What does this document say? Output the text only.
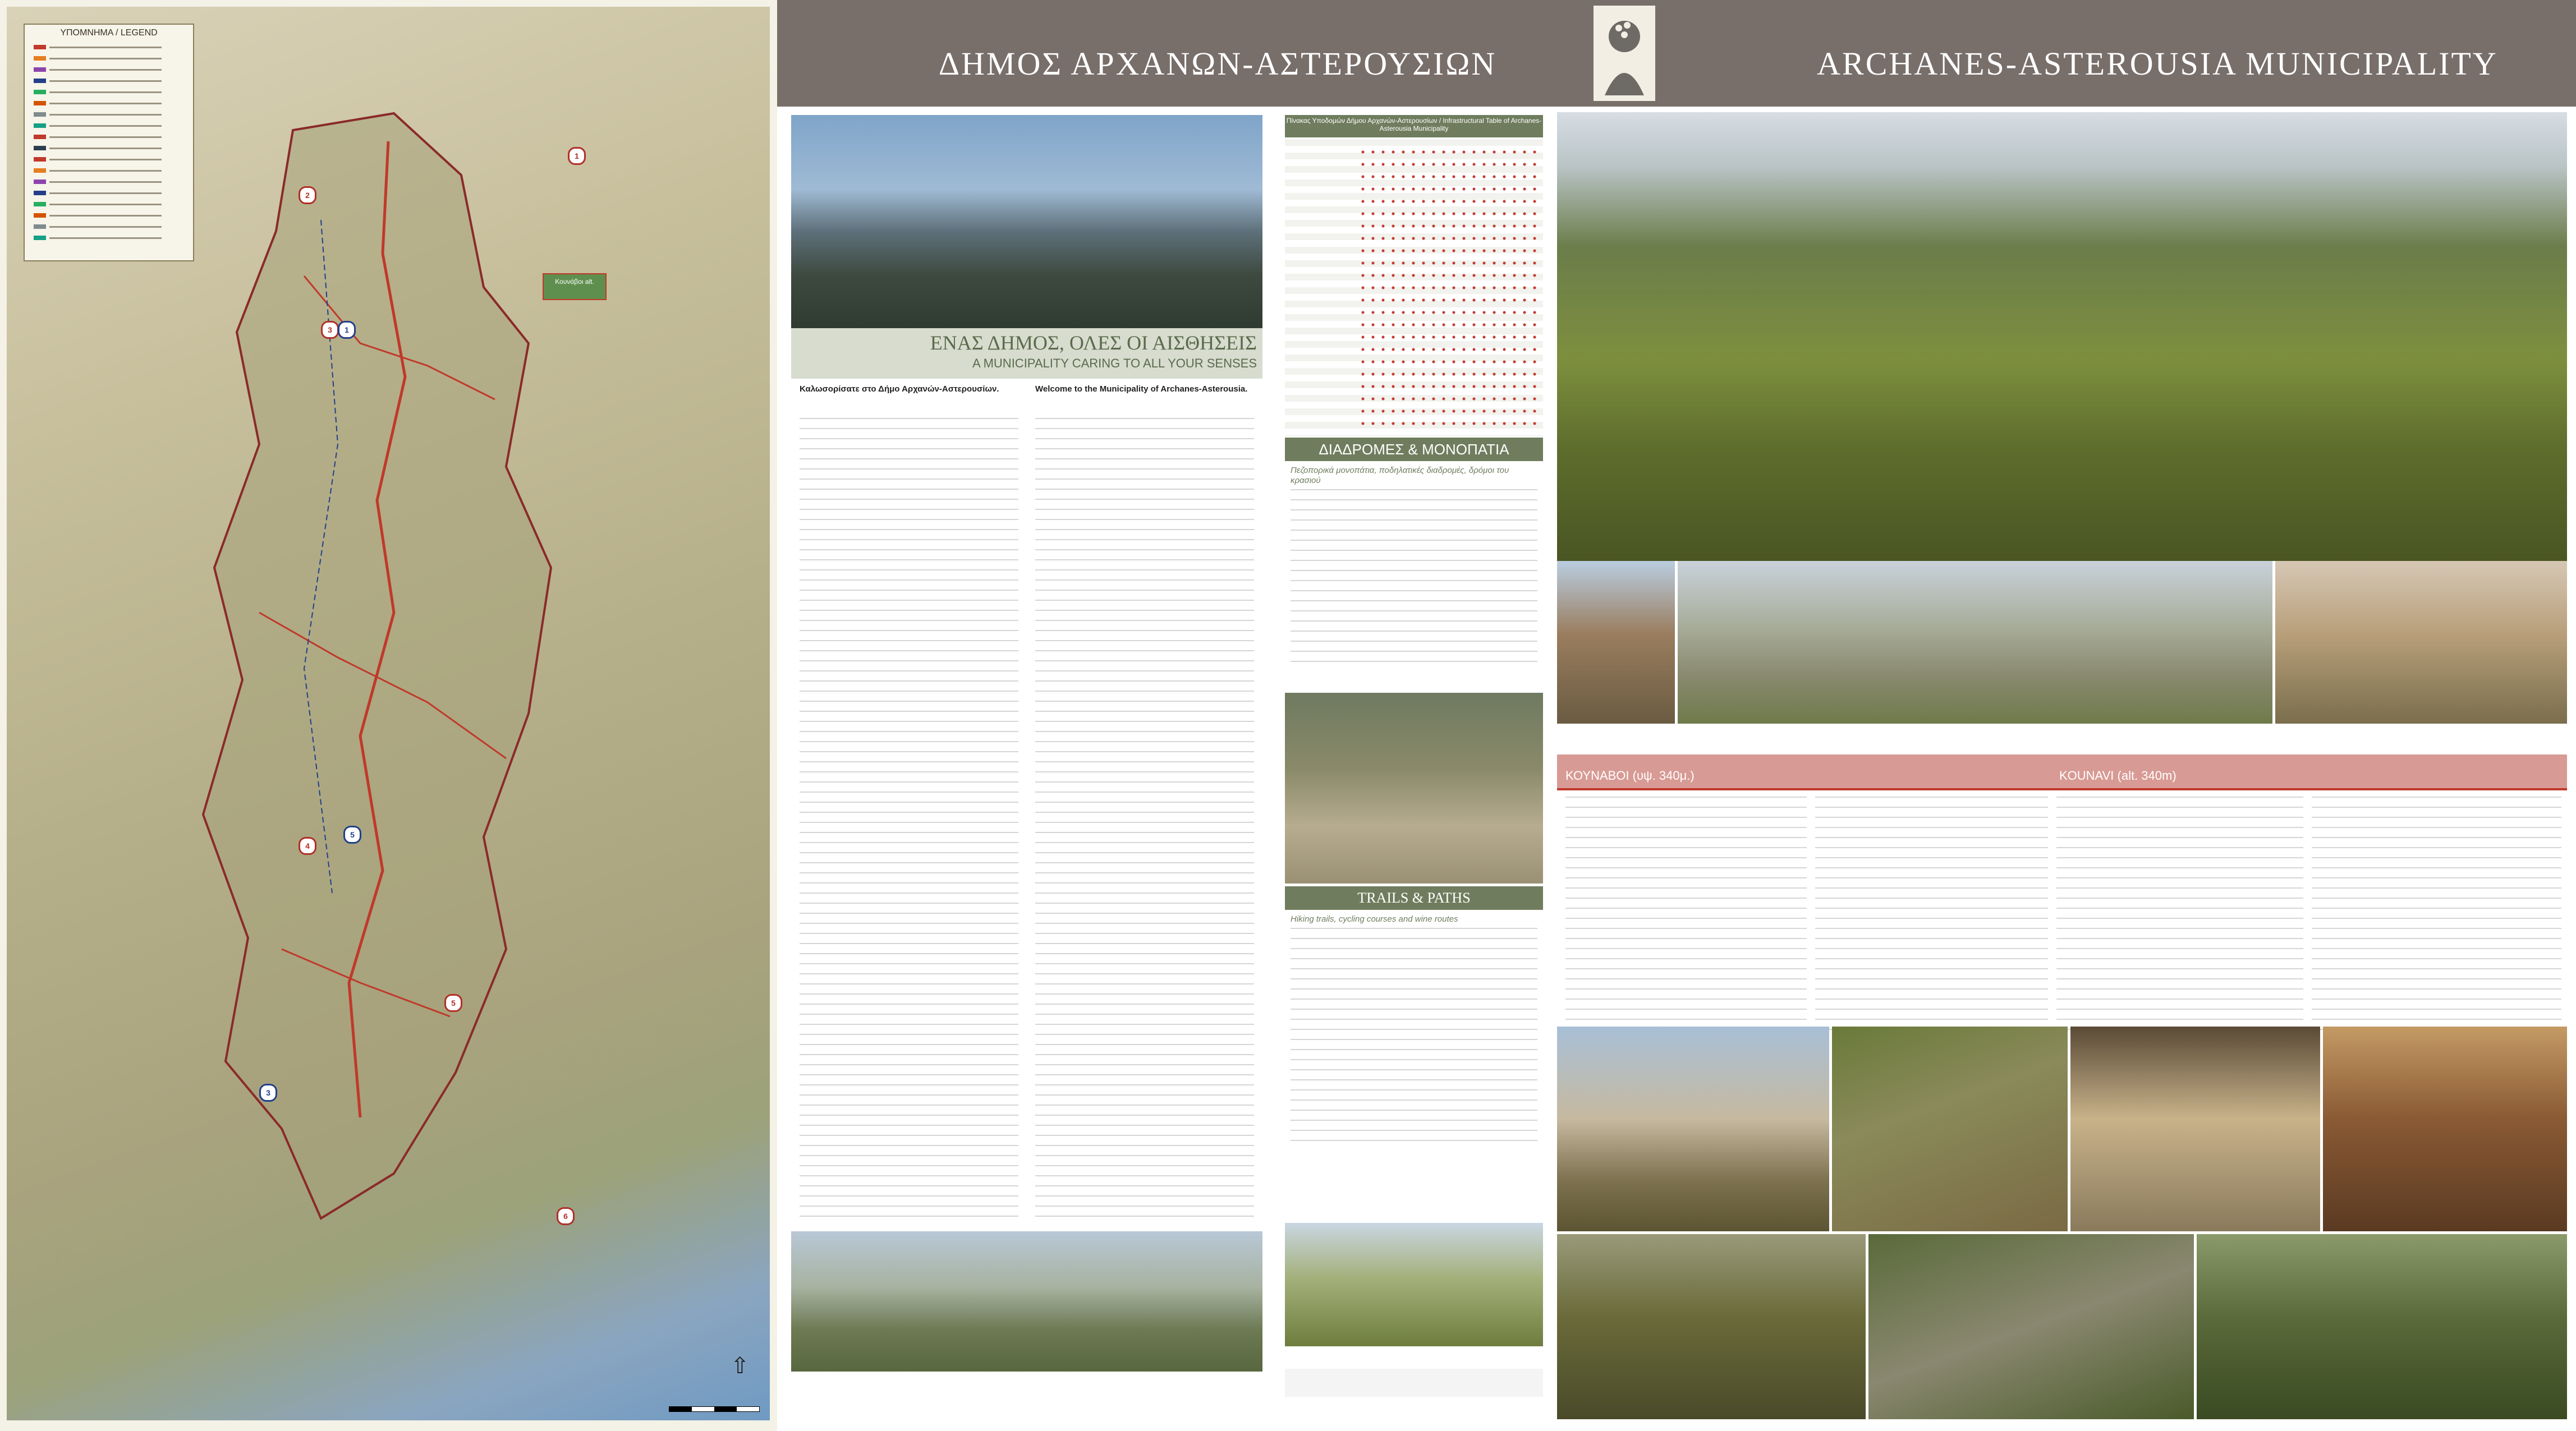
ΥΠΟΜΝΗΜΑ / LEGEND
Κουνάβοι alt.
1
2
3
4
5
6
1
3
5
⇧
ΔΗΜΟΣ ΑΡΧΑΝΩΝ-ΑΣΤΕΡΟΥΣΙΩΝ	ARCHANES-ASTEROUSIA MUNICIPALITY
ΕΝΑΣ ΔΗΜΟΣ, ΟΛΕΣ ΟΙ ΑΙΣΘΗΣΕΙΣ
A MUNICIPALITY CARING TO ALL YOUR SENSES
Καλωσορίσατε στο Δήμο Αρχανών-Αστερουσίων.	Welcome to the Municipality of Archanes-Asterousia.
Πίνακας Υποδομών Δήμου Αρχανών-Αστερουσίων / Infrastructural Table of Archanes-Asterousia Municipality
ΔΙΑΔΡΟΜΕΣ & ΜΟΝΟΠΑΤΙΑ
Πεζοπορικά μονοπάτια, ποδηλατικές διαδρομές, δρόμοι του κρασιού
TRAILS & PATHS
Hiking trails, cycling courses and wine routes
ΚΟΥΝΑΒΟΙ (υψ. 340μ.)	KOUNAVI (alt. 340m)
